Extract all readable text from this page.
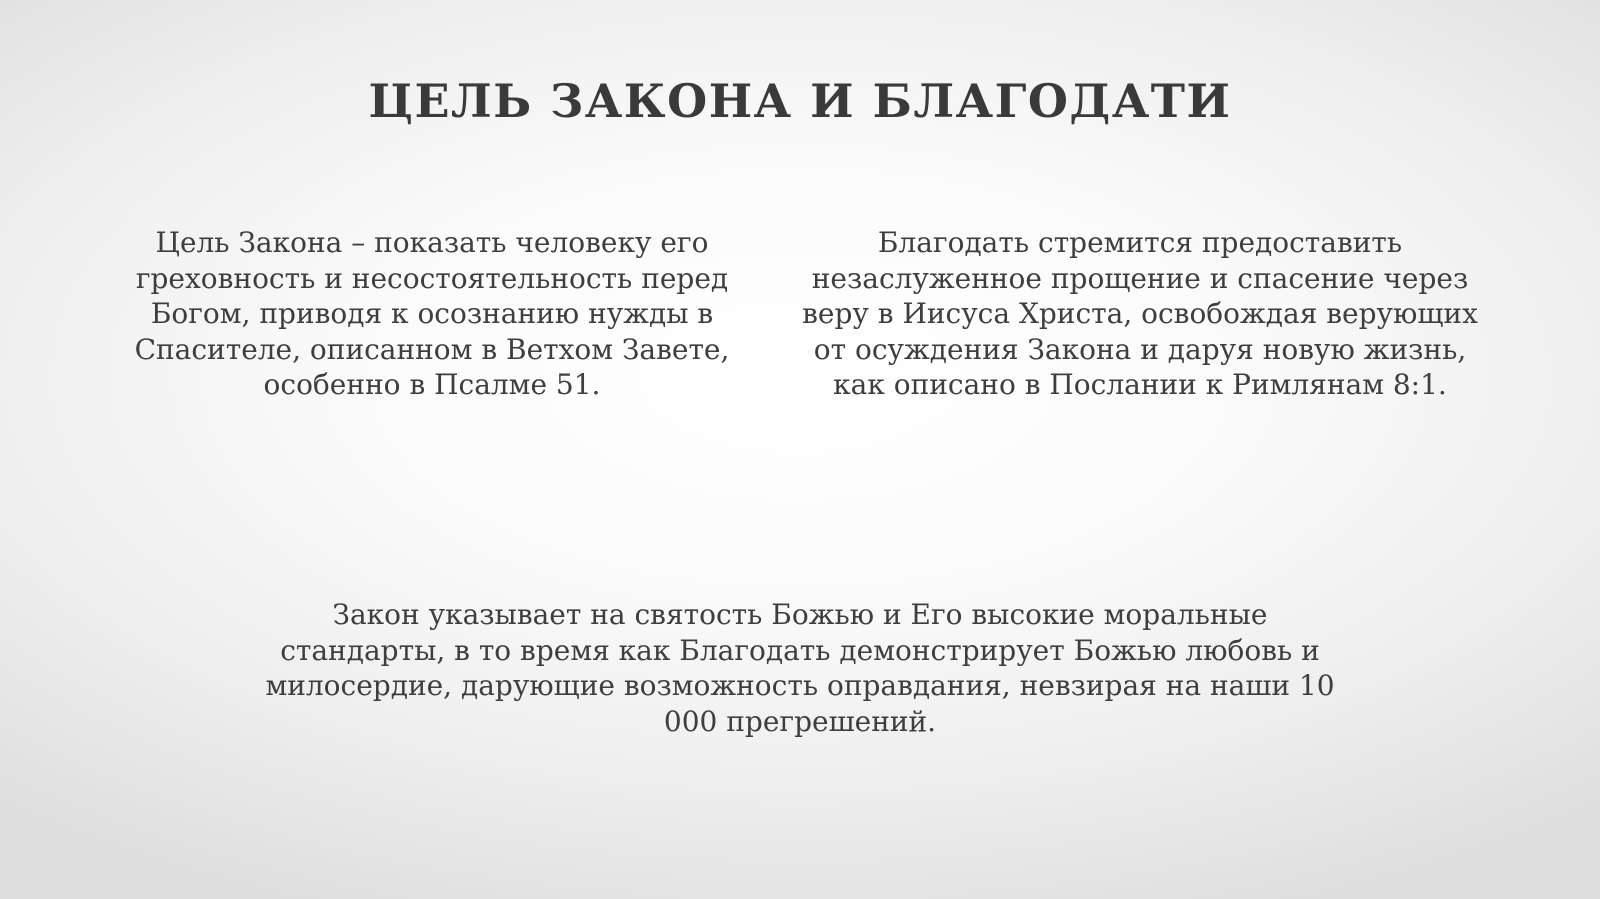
ЦЕЛЬ ЗАКОНА И БЛАГОДАТИ
Цель Закона – показать человеку его греховность и несостоятельность перед Богом, приводя к осознанию нужды в Спасителе, описанном в Ветхом Завете, особенно в Псалме 51.
Благодать стремится предоставить незаслуженное прощение и спасение через веру в Иисуса Христа, освобождая верующих от осуждения Закона и даруя новую жизнь, как описано в Послании к Римлянам 8:1.
Закон указывает на святость Божью и Его высокие моральные стандарты, в то время как Благодать демонстрирует Божью любовь и милосердие, дарующие возможность оправдания, невзирая на наши 10 000 прегрешений.
